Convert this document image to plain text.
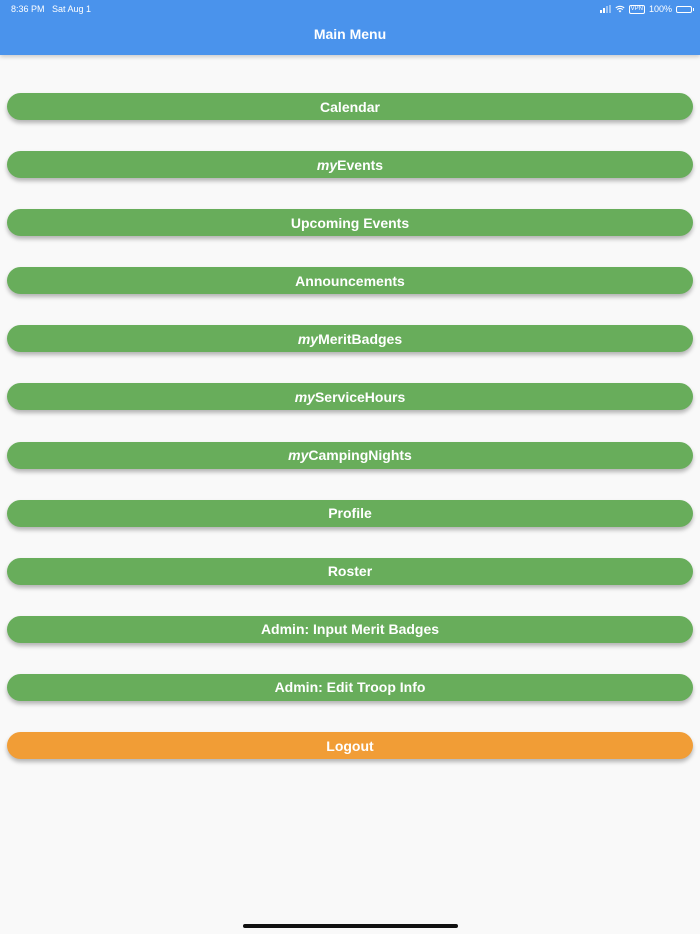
8:36 PM Sat Aug 1	VPN 100%
Main Menu
Calendar
my Events
Upcoming Events
Announcements
my MeritBadges
my ServiceHours
my CampingNights
Profile
Roster
Admin: Input Merit Badges
Admin: Edit Troop Info
Logout
